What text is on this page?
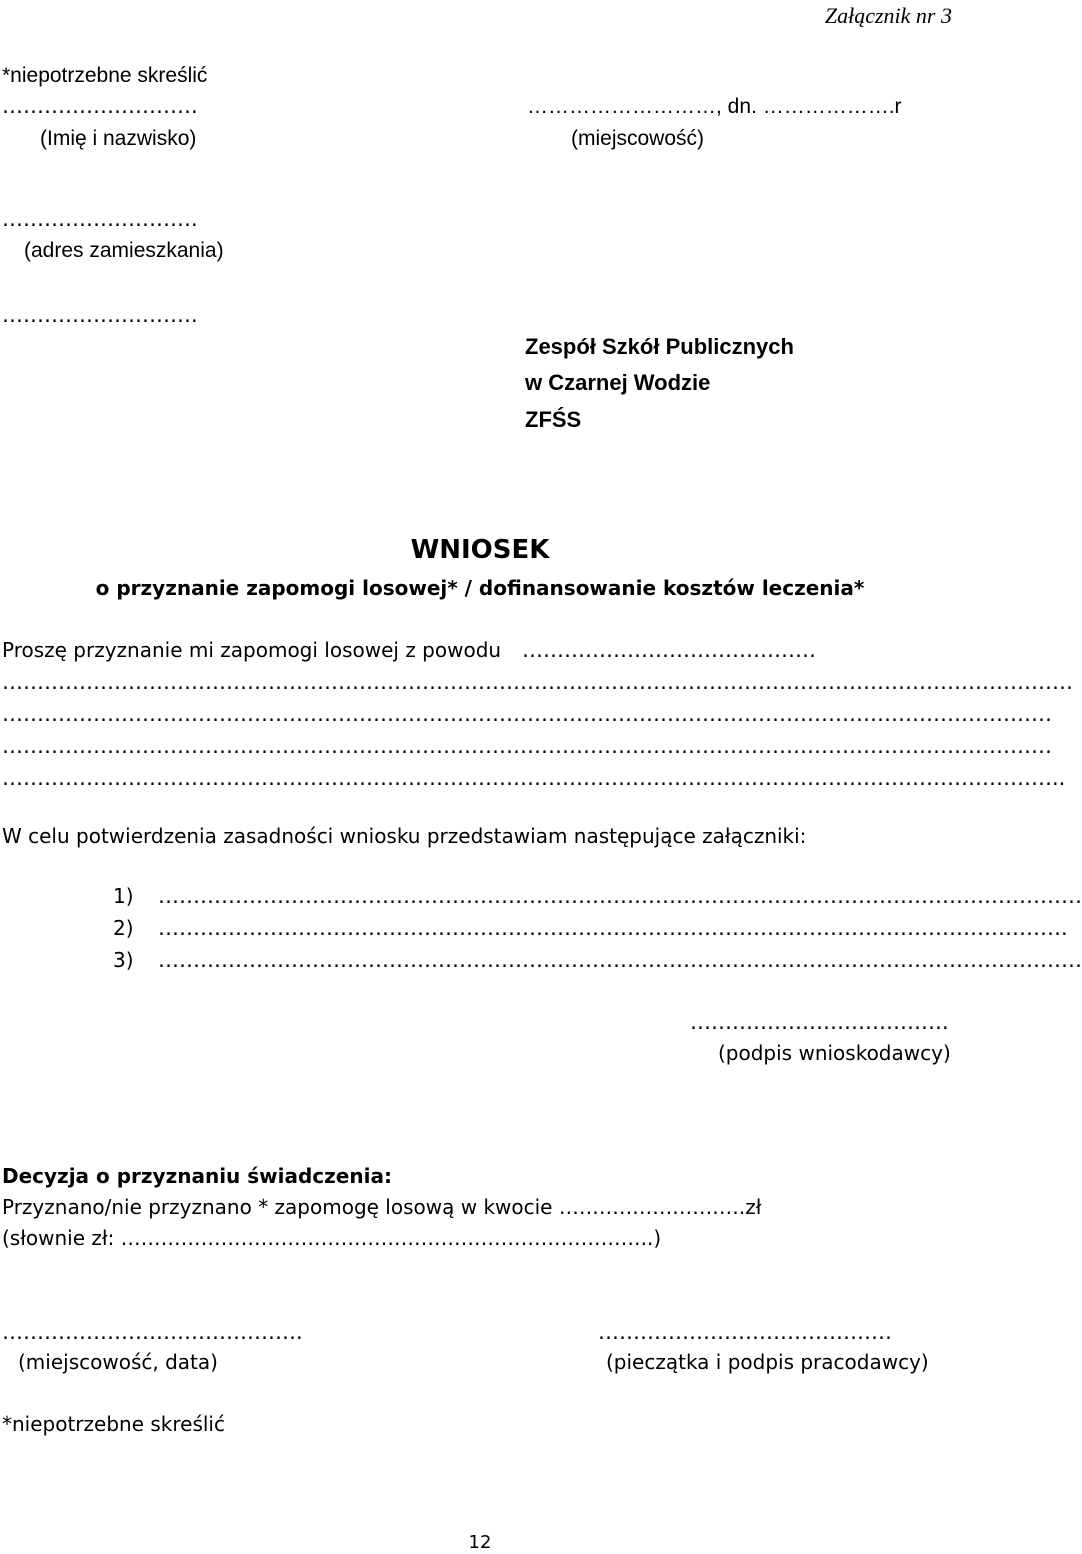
Załącznik nr 3
*niepotrzebne skreślić
……………………….	………………………, dn. ……………….r
(Imię i nazwisko)	(miejscowość)
……………………….
(adres zamieszkania)
……………………….
Zespół Szkół Publicznych
w Czarnej Wodzie
ZFŚS
WNIOSEK
o przyznanie zapomogi losowej* / dofinansowanie kosztów leczenia*
Proszę przyznanie mi zapomogi losowej z powodu ……………………………………
………………………………………………………………………………………………………………………………………
……………………………………………………………………………………………………………………………………
……………………………………………………………………………………………………………………………………
……………………………………………………………………………………………………………………………………..
W celu potwierdzenia zasadności wniosku przedstawiam następujące załączniki:
1) ……………………………………………………………………………………………………………………
2) ………………………………………………………………………………………………………………….
3) ……………………………………………………………………………………………………………………
……………………………….
(podpis wnioskodawcy)
Decyzja o przyznaniu świadczenia:
Przyznano/nie przyznano * zapomogę losową w kwocie ……………………….zł
(słownie zł: ……………………………………………………………………..)
…………………………………….
(miejscowość, data)
……………………………………
(pieczątka i podpis pracodawcy)
*niepotrzebne skreślić
12
